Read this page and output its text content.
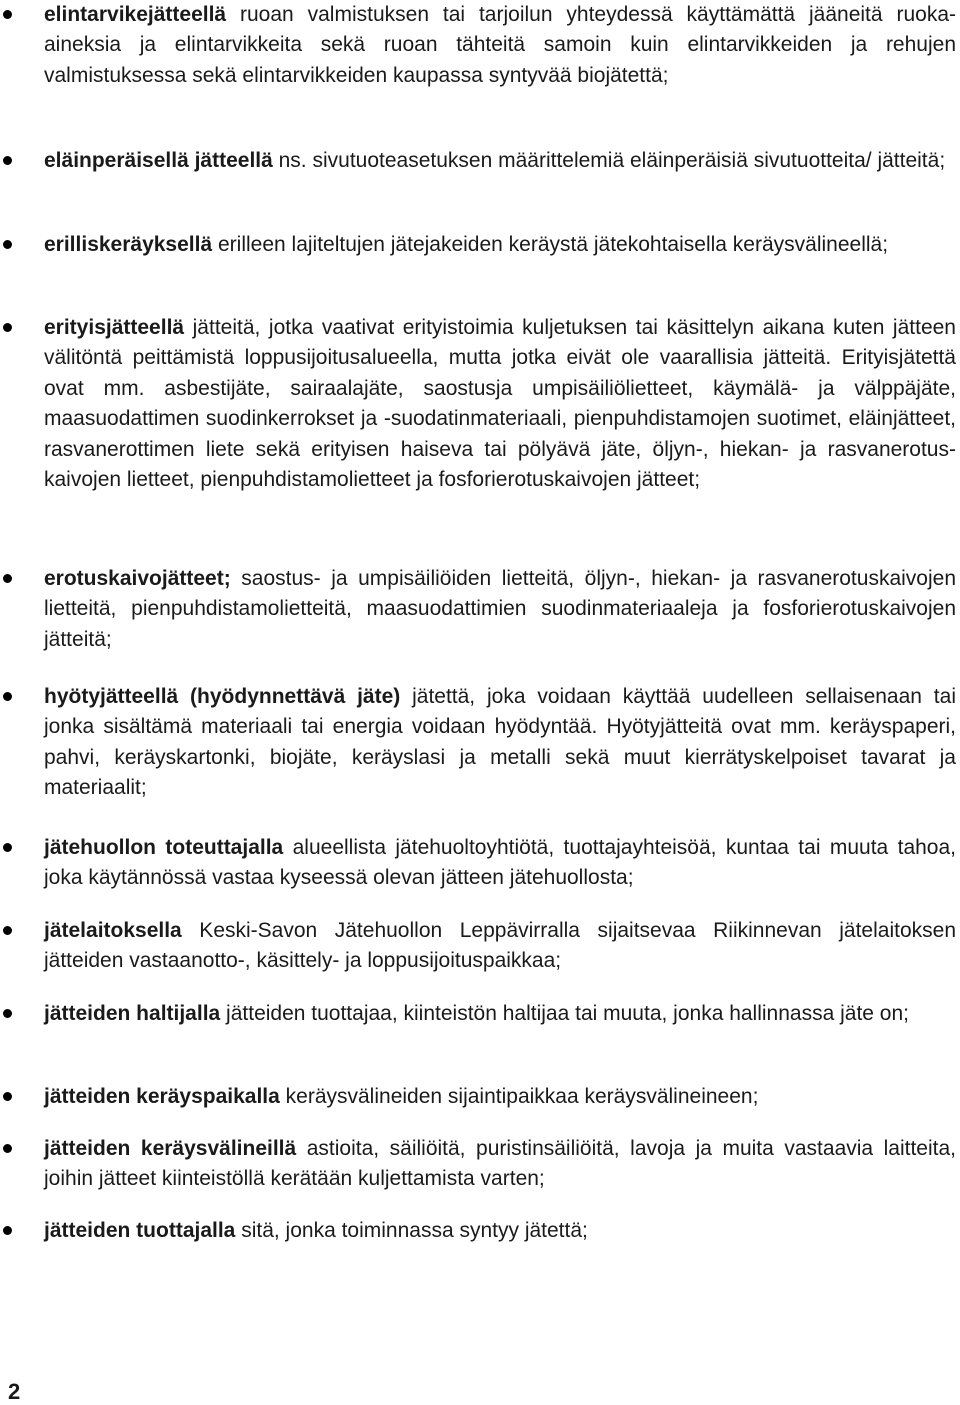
elintarvikejätteellä ruoan valmistuksen tai tarjoilun yhteydessä käyttämättä jääneitä ruoka-aineksia ja elintarvikkeita sekä ruoan tähteitä samoin kuin elintarvikkeiden ja rehujen valmistuksessa sekä elintarvikkeiden kaupassa syntyvää biojätettä;

eläinperäisellä jätteellä ns. sivutuoteasetuksen määrittelemiä eläinperäisiä sivutuotteita/ jätteitä;

erilliskeräyksellä erilleen lajiteltujen jätejakeiden keräystä jätekohtaisella keräysvälineellä;

erityisjätteellä jätteitä, jotka vaativat erityistoimia kuljetuksen tai käsittelyn aikana kuten jätteen välitöntä peittämistä loppusijoitusalueella, mutta jotka eivät ole vaarallisia jätteitä. Erityisjätettä ovat mm. asbestijäte, sairaalajäte, saostusja umpisäiliölietteet, käymälä- ja välppäjäte, maasuodattimen suodinkerrokset ja -suodatinmateriaali, pienpuhdistamojen suotimet, eläinjätteet, rasvanerottimen liete sekä erityisen haiseva tai pölyävä jäte, öljyn-, hiekan- ja rasvanerotuskaivojen lietteet, pienpuhdistamolietteet ja fosforierotuskaivojen jätteet;

erotuskaivojätteet; saostus- ja umpisäiliöiden lietteitä, öljyn-, hiekan- ja rasvanerotuskaivojen lietteitä, pienpuhdistamolietteitä, maasuodattimien suodinmateriaaleja ja fosforierotuskaivojen jätteitä;

hyötyjätteellä (hyödynnettävä jäte) jätettä, joka voidaan käyttää uudelleen sellaisenaan tai jonka sisältämä materiaali tai energia voidaan hyödyntää. Hyötyjätteitä ovat mm. keräyspaperi, pahvi, keräyskartonki, biojäte, keräyslasi ja metalli sekä muut kierrätyskelpoiset tavarat ja materiaalit;

jätehuollon toteuttajalla alueellista jätehuoltoyhtiötä, tuottajayhteisöä, kuntaa tai muuta tahoa, joka käytännössä vastaa kyseessä olevan jätteen jätehuollosta;

jätelaitoksella Keski-Savon Jätehuollon Leppävirralla sijaitsevaa Riikinnevan jätelaitoksen jätteiden vastaanotto-, käsittely- ja loppusijoituspaikkaa;

jätteiden haltijalla jätteiden tuottajaa, kiinteistön haltijaa tai muuta, jonka hallinnassa jäte on;

jätteiden keräyspaikalla keräysvälineiden sijaintipaikkaa keräysvälineineen;

jätteiden keräysvälineillä astioita, säiliöitä, puristinsäiliöitä, lavoja ja muita vastaavia laitteita, joihin jätteet kiinteistöllä kerätään kuljettamista varten;

jätteiden tuottajalla sitä, jonka toiminnassa syntyy jätettä;

2
